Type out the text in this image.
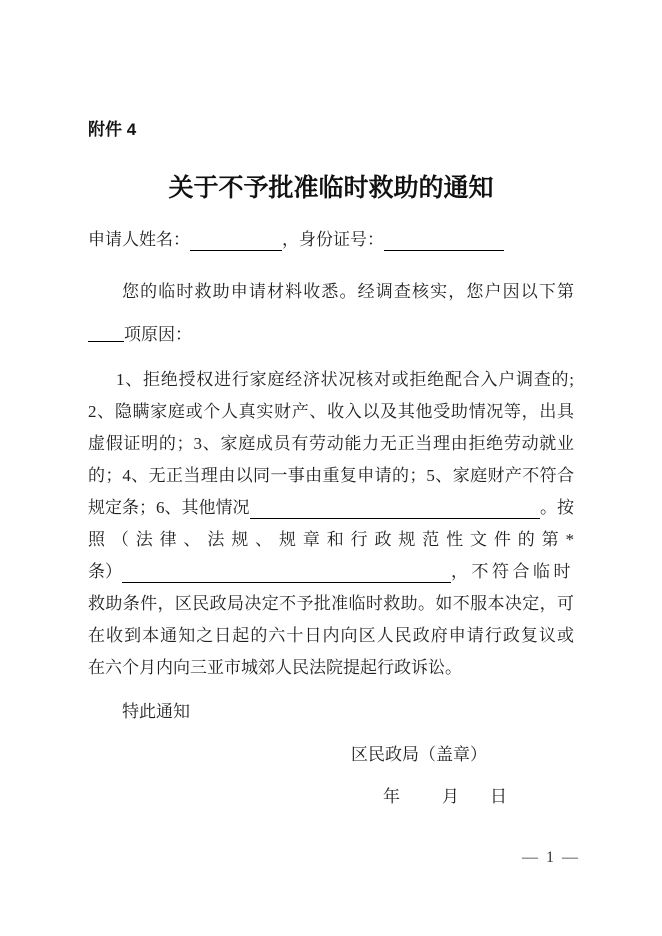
附件 4
关于不予批准临时救助的通知
申请人姓名：	，身份证号：
您的临时救助申请材料收悉。经调查核实，您户因以下第
项原因：
1、拒绝授权进行家庭经济状况核对或拒绝配合入户调查的;
2、隐瞒家庭或个人真实财产、收入以及其他受助情况等，出具
虚假证明的；3、家庭成员有劳动能力无正当理由拒绝劳动就业
的；4、无正当理由以同一事由重复申请的；5、家庭财产不符合
规定条；6、其他情况	。按
照（法律、法规、规章和行政规范性文件的第*
条）	，不符合临时
救助条件，区民政局决定不予批准临时救助。如不服本决定，可
在收到本通知之日起的六十日内向区人民政府申请行政复议或
在六个月内向三亚市城郊人民法院提起行政诉讼。
特此通知
区民政局（盖章）
年 月 日
— 1 —
